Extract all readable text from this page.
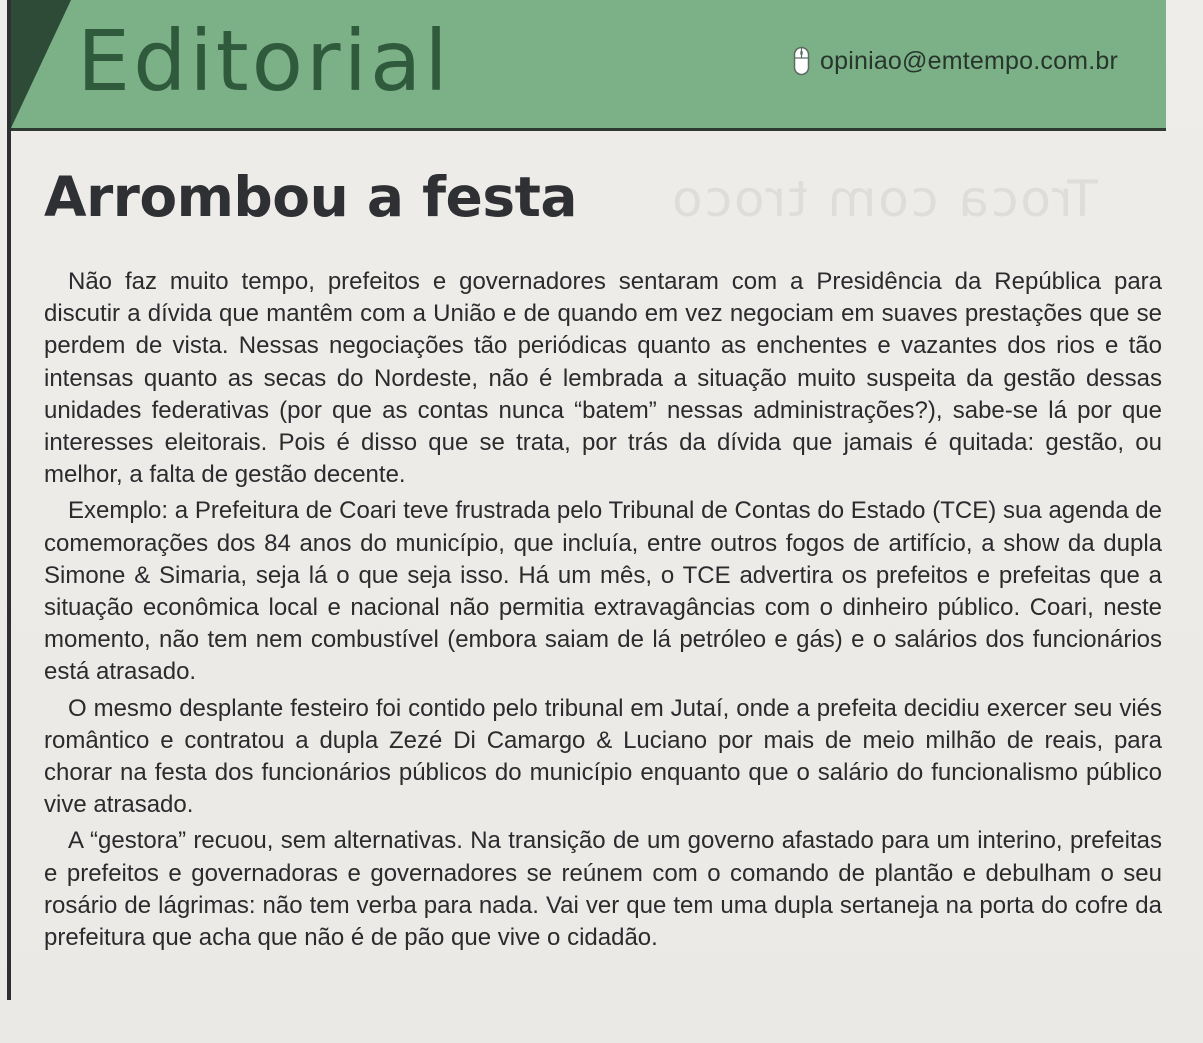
Troca com troco
Editorial	opiniao@emtempo.com.br
Arrombou a festa

Não faz muito tempo, prefeitos e governadores sentaram com a Presidência da República para discutir a dívida que mantêm com a União e de quando em vez negociam em suaves prestações que se perdem de vista. Nessas negociações tão periódicas quanto as enchentes e vazantes dos rios e tão intensas quanto as secas do Nordeste, não é lembrada a situação muito suspeita da gestão dessas unidades federativas (por que as contas nunca “batem” nessas administrações?), sabe-se lá por que interesses eleitorais. Pois é disso que se trata, por trás da dívida que jamais é quitada: gestão, ou melhor, a falta de gestão decente.

Exemplo: a Prefeitura de Coari teve frustrada pelo Tribunal de Contas do Estado (TCE) sua agenda de comemorações dos 84 anos do município, que incluía, entre outros fogos de artifício, a show da dupla Simone & Simaria, seja lá o que seja isso. Há um mês, o TCE advertira os prefeitos e prefeitas que a situação econômica local e nacional não permitia extravagâncias com o dinheiro público. Coari, neste momento, não tem nem combustível (embora saiam de lá petróleo e gás) e o salários dos funcionários está atrasado.

O mesmo desplante festeiro foi contido pelo tribunal em Jutaí, onde a prefeita decidiu exercer seu viés romântico e contratou a dupla Zezé Di Camargo & Luciano por mais de meio milhão de reais, para chorar na festa dos funcionários públicos do município enquanto que o salário do funcionalismo público vive atrasado.

A “gestora” recuou, sem alternativas. Na transição de um governo afastado para um interino, prefeitas e prefeitos e governadoras e governadores se reúnem com o comando de plantão e debulham o seu rosário de lágrimas: não tem verba para nada. Vai ver que tem uma dupla sertaneja na porta do cofre da prefeitura que acha que não é de pão que vive o cidadão.
